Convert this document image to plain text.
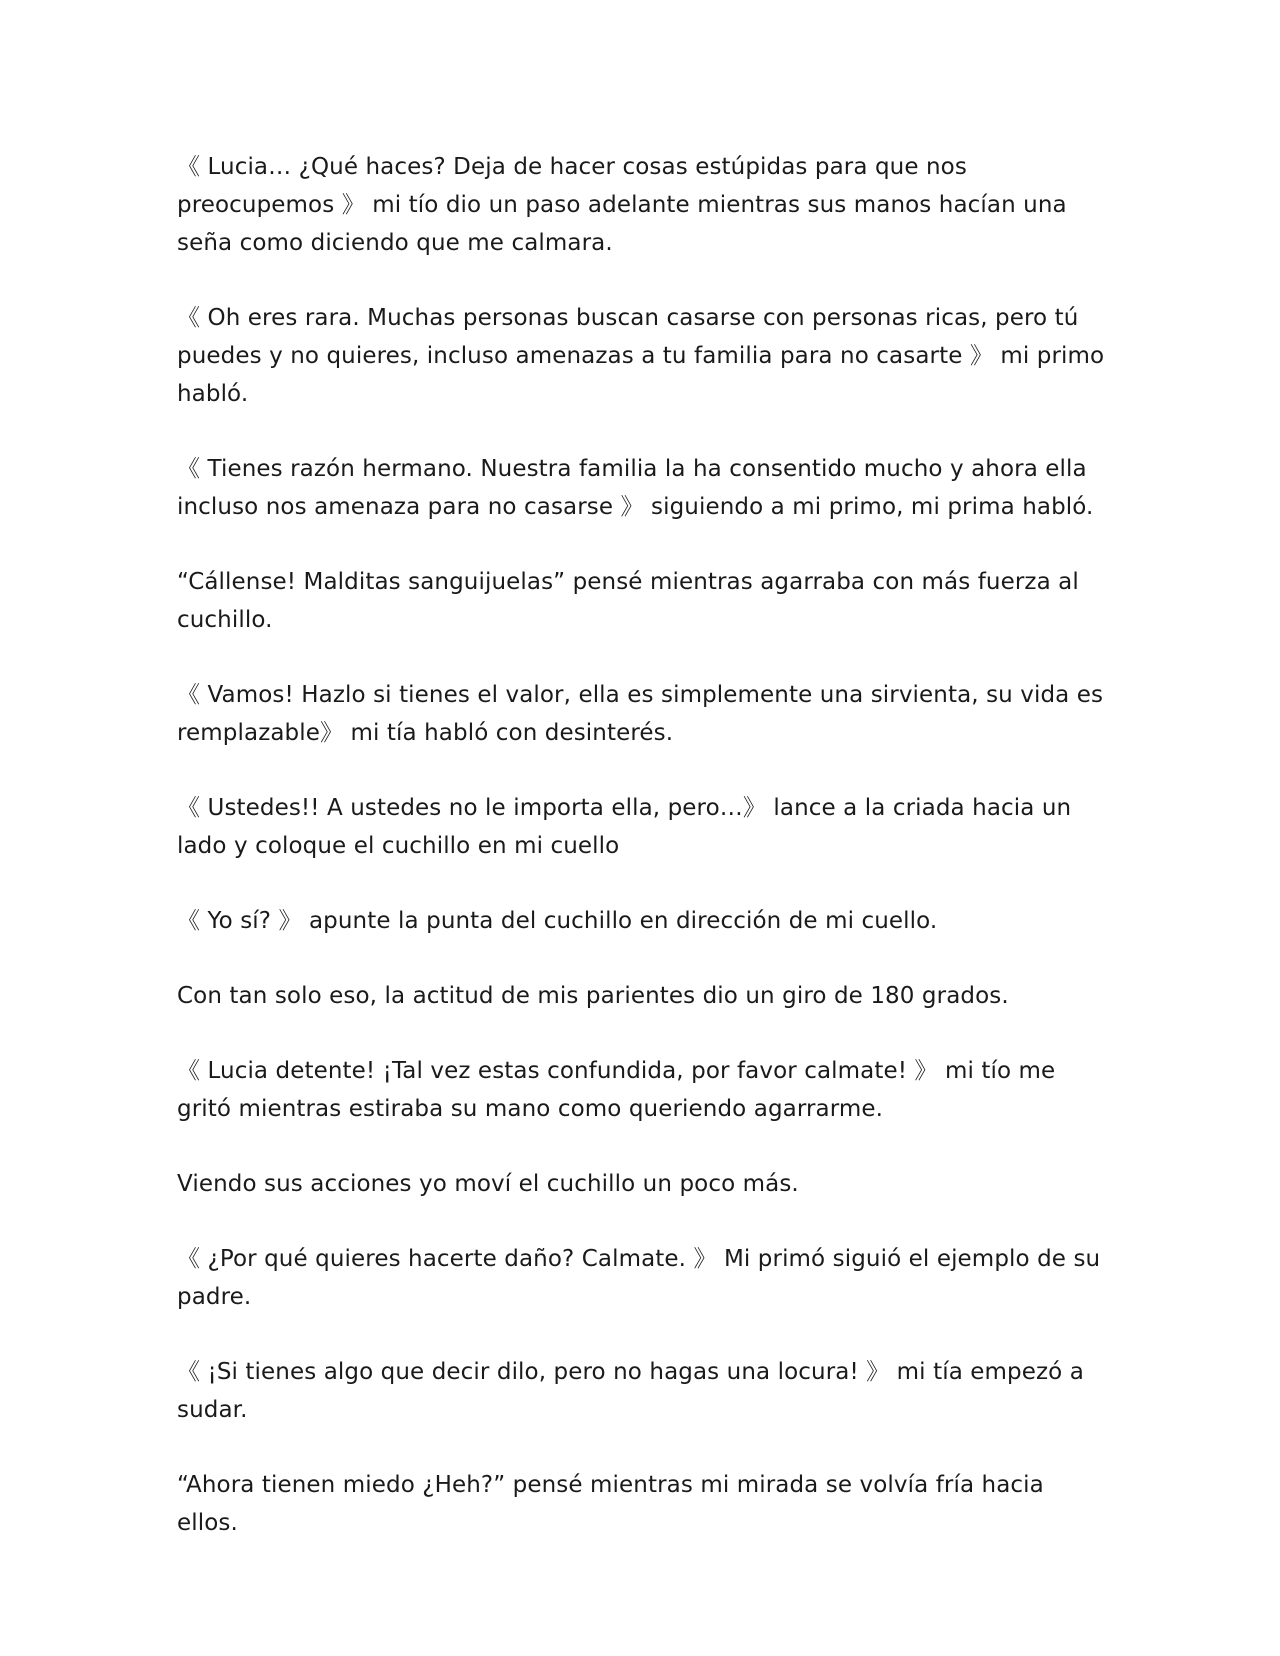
《 Lucia… ¿Qué haces? Deja de hacer cosas estúpidas para que nos preocupemos 》 mi tío dio un paso adelante mientras sus manos hacían una seña como diciendo que me calmara.

《 Oh eres rara. Muchas personas buscan casarse con personas ricas, pero tú puedes y no quieres, incluso amenazas a tu familia para no casarte 》 mi primo habló.

《 Tienes razón hermano. Nuestra familia la ha consentido mucho y ahora ella incluso nos amenaza para no casarse 》 siguiendo a mi primo, mi prima habló.

“Cállense! Malditas sanguijuelas” pensé mientras agarraba con más fuerza al cuchillo.

《 Vamos! Hazlo si tienes el valor, ella es simplemente una sirvienta, su vida es remplazable》 mi tía habló con desinterés.

《 Ustedes!! A ustedes no le importa ella, pero…》 lance a la criada hacia un lado y coloque el cuchillo en mi cuello

《 Yo sí? 》 apunte la punta del cuchillo en dirección de mi cuello.

Con tan solo eso, la actitud de mis parientes dio un giro de 180 grados.

《 Lucia detente! ¡Tal vez estas confundida, por favor calmate! 》 mi tío me gritó mientras estiraba su mano como queriendo agarrarme.

Viendo sus acciones yo moví el cuchillo un poco más.

《 ¿Por qué quieres hacerte daño? Calmate. 》 Mi primó siguió el ejemplo de su padre.

《 ¡Si tienes algo que decir dilo, pero no hagas una locura! 》 mi tía empezó a sudar.

“Ahora tienen miedo ¿Heh?” pensé mientras mi mirada se volvía fría hacia ellos.
